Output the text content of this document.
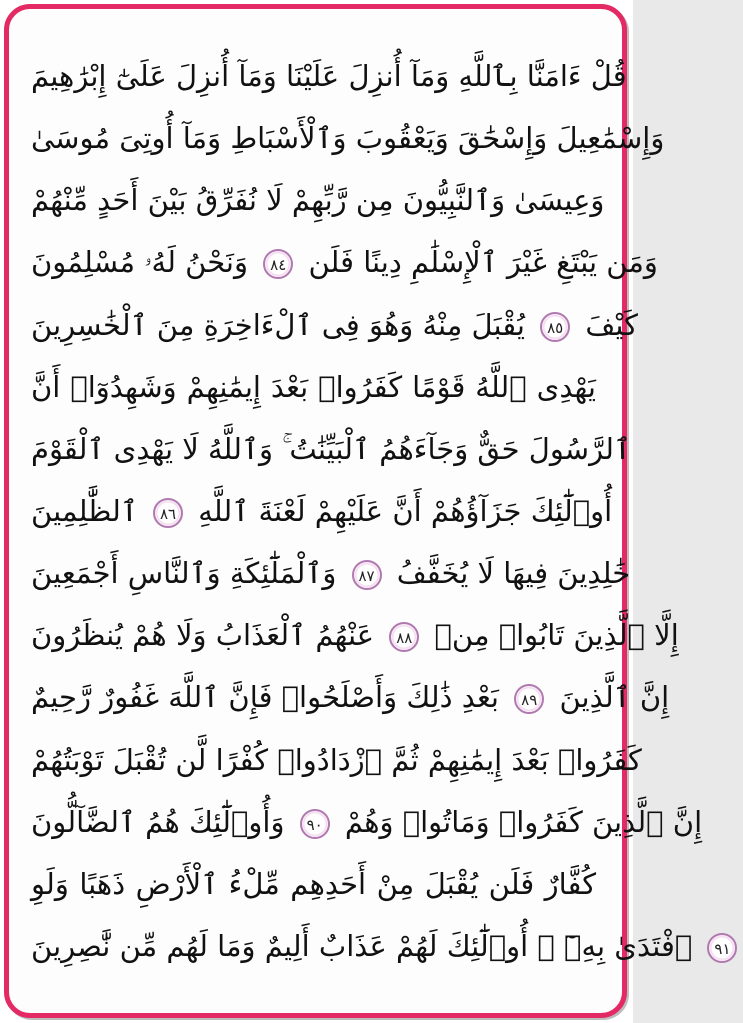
قُلْ ءَامَنَّا بِٱللَّهِ وَمَآ أُنزِلَ عَلَيْنَا وَمَآ أُنزِلَ عَلَىٰٓ إِبْرَٰهِيمَ
وَإِسْمَٰعِيلَ وَإِسْحَٰقَ وَيَعْقُوبَ وَٱلْأَسْبَاطِ وَمَآ أُوتِىَ مُوسَىٰ
وَعِيسَىٰ وَٱلنَّبِيُّونَ مِن رَّبِّهِمْ لَا نُفَرِّقُ بَيْنَ أَحَدٍ مِّنْهُمْ
وَنَحْنُ لَهُۥ مُسْلِمُونَ ٨٤ وَمَن يَبْتَغِ غَيْرَ ٱلْإِسْلَٰمِ دِينًا فَلَن
يُقْبَلَ مِنْهُ وَهُوَ فِى ٱلْءَاخِرَةِ مِنَ ٱلْخَٰسِرِينَ ٨٥ كَيْفَ
يَهْدِى ٱللَّهُ قَوْمًا كَفَرُوا۟ بَعْدَ إِيمَٰنِهِمْ وَشَهِدُوٓا۟ أَنَّ
ٱلرَّسُولَ حَقٌّ وَجَآءَهُمُ ٱلْبَيِّنَٰتُ ۚ وَٱللَّهُ لَا يَهْدِى ٱلْقَوْمَ
ٱلظَّٰلِمِينَ ٨٦ أُو۟لَٰٓئِكَ جَزَآؤُهُمْ أَنَّ عَلَيْهِمْ لَعْنَةَ ٱللَّهِ
وَٱلْمَلَٰٓئِكَةِ وَٱلنَّاسِ أَجْمَعِينَ ٨٧ خَٰلِدِينَ فِيهَا لَا يُخَفَّفُ
عَنْهُمُ ٱلْعَذَابُ وَلَا هُمْ يُنظَرُونَ ٨٨ إِلَّا ٱلَّذِينَ تَابُوا۟ مِنۢ
بَعْدِ ذَٰلِكَ وَأَصْلَحُوا۟ فَإِنَّ ٱللَّهَ غَفُورٌ رَّحِيمٌ ٨٩ إِنَّ ٱلَّذِينَ
كَفَرُوا۟ بَعْدَ إِيمَٰنِهِمْ ثُمَّ ٱزْدَادُوا۟ كُفْرًا لَّن تُقْبَلَ تَوْبَتُهُمْ
وَأُو۟لَٰٓئِكَ هُمُ ٱلضَّآلُّونَ ٩٠ إِنَّ ٱلَّذِينَ كَفَرُوا۟ وَمَاتُوا۟ وَهُمْ
كُفَّارٌ فَلَن يُقْبَلَ مِنْ أَحَدِهِم مِّلْءُ ٱلْأَرْضِ ذَهَبًا وَلَوِ
ٱفْتَدَىٰ بِهِۦٓ ۗ أُو۟لَٰٓئِكَ لَهُمْ عَذَابٌ أَلِيمٌ وَمَا لَهُم مِّن نَّٰصِرِينَ ٩١
